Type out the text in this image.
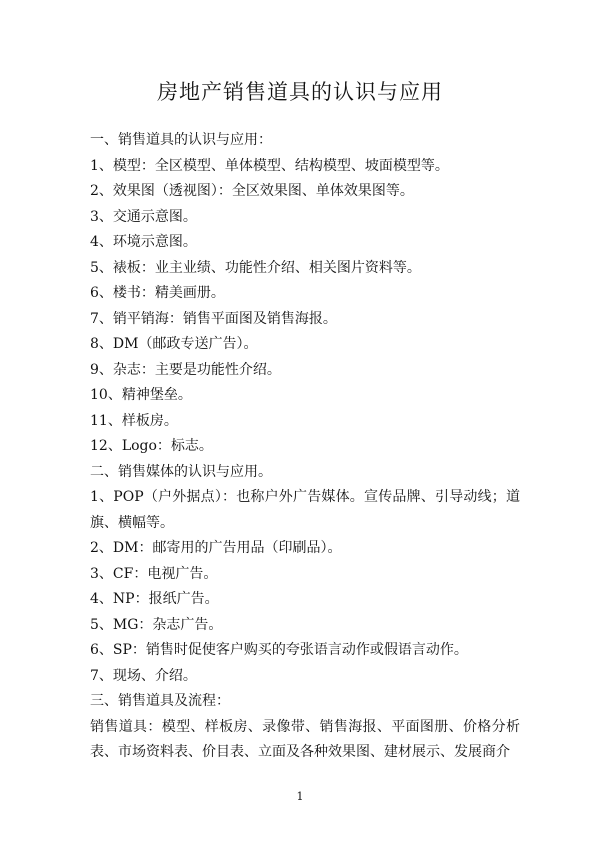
房地产销售道具的认识与应用
一、销售道具的认识与应用：
1、模型：全区模型、单体模型、结构模型、坡面模型等。
2、效果图（透视图）：全区效果图、单体效果图等。
3、交通示意图。
4、环境示意图。
5、裱板：业主业绩、功能性介绍、相关图片资料等。
6、楼书：精美画册。
7、销平销海：销售平面图及销售海报。
8、DM（邮政专送广告）。
9、杂志：主要是功能性介绍。
10、精神堡垒。
11、样板房。
12、Logo：标志。
二、销售媒体的认识与应用。
1、POP（户外据点）：也称户外广告媒体。宣传品牌、引导动线；道旗、横幅等。
2、DM：邮寄用的广告用品（印刷品）。
3、CF：电视广告。
4、NP：报纸广告。
5、MG：杂志广告。
6、SP：销售时促使客户购买的夸张语言动作或假语言动作。
7、现场、介绍。
三、销售道具及流程：
销售道具：模型、样板房、录像带、销售海报、平面图册、价格分析表、市场资料表、价目表、立面及各种效果图、建材展示、发展商介
1
